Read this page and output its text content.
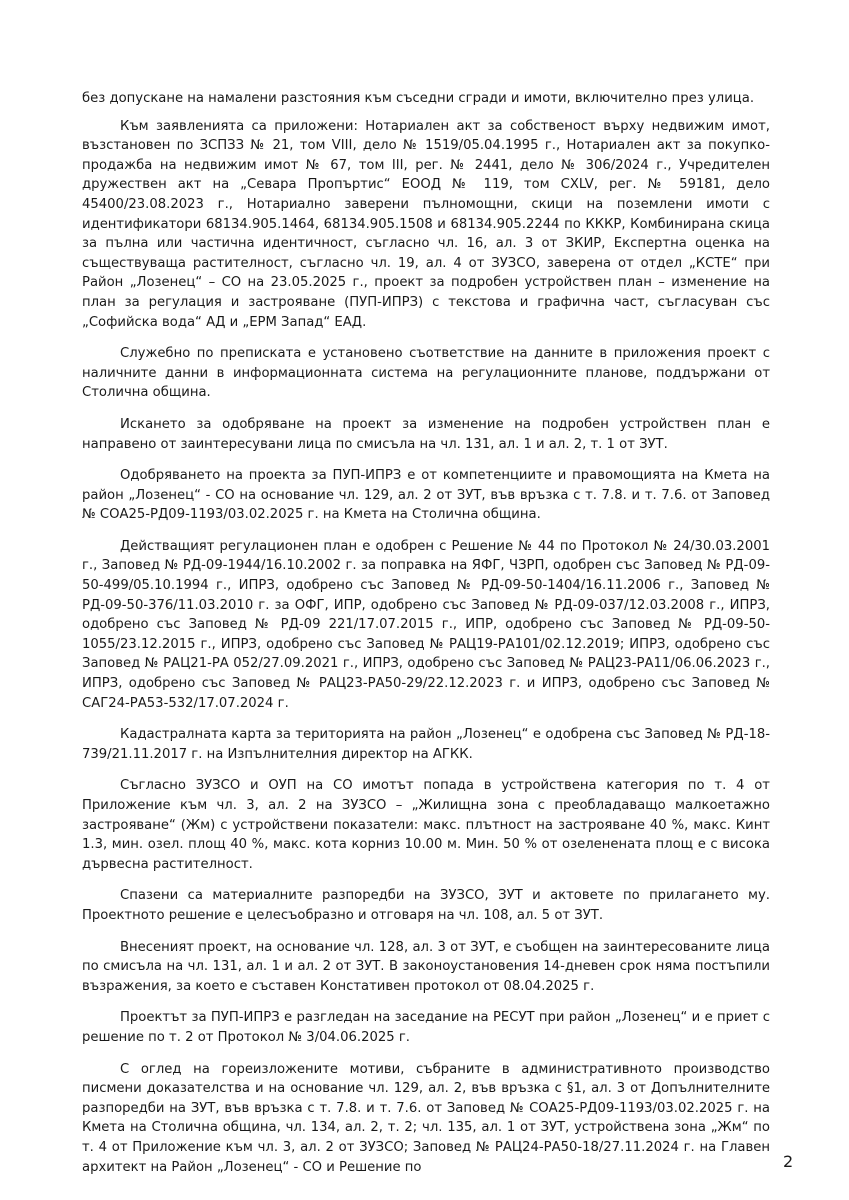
без допускане на намалени разстояния към съседни сгради и имоти, включително през улица.

Към заявленията са приложени: Нотариален акт за собственост върху недвижим имот, възстановен по ЗСПЗЗ № 21, том VIII, дело № 1519/05.04.1995 г., Нотариален акт за покупко-продажба на недвижим имот № 67, том III, рег. № 2441, дело № 306/2024 г., Учредителен дружествен акт на „Севара Пропъртис“ ЕООД № 119, том CXLV, рег. № 59181, дело 45400/23.08.2023 г., Нотариално заверени пълномощни, скици на поземлени имоти с идентификатори 68134.905.1464, 68134.905.1508 и 68134.905.2244 по КККР, Комбинирана скица за пълна или частична идентичност, съгласно чл. 16, ал. 3 от ЗКИР, Експертна оценка на съществуваща растителност, съгласно чл. 19, ал. 4 от ЗУЗСО, заверена от отдел „КСТЕ“ при Район „Лозенец“ – СО на 23.05.2025 г., проект за подробен устройствен план – изменение на план за регулация и застрояване (ПУП-ИПРЗ) с текстова и графична част, съгласуван със „Софийска вода“ АД и „ЕРМ Запад“ ЕАД.

Служебно по преписката е установено съответствие на данните в приложения проект с наличните данни в информационната система на регулационните планове, поддържани от Столична община.

Искането за одобряване на проект за изменение на подробен устройствен план е направено от заинтересувани лица по смисъла на чл. 131, ал. 1 и ал. 2, т. 1 от ЗУТ.

Одобряването на проекта за ПУП-ИПРЗ е от компетенциите и правомощията на Кмета на район „Лозенец“ - СО на основание чл. 129, ал. 2 от ЗУТ, във връзка с т. 7.8. и т. 7.6. от Заповед № СОА25-РД09-1193/03.02.2025 г. на Кмета на Столична община.

Действащият регулационен план е одобрен с Решение № 44 по Протокол № 24/30.03.2001 г., Заповед № РД-09-1944/16.10.2002 г. за поправка на ЯФГ, ЧЗРП, одобрен със Заповед № РД-09-50-499/05.10.1994 г., ИПРЗ, одобрено със Заповед № РД-09-50-1404/16.11.2006 г., Заповед № РД-09-50-376/11.03.2010 г. за ОФГ, ИПР, одобрено със Заповед № РД-09-037/12.03.2008 г., ИПРЗ, одобрено със Заповед № РД-09 221/17.07.2015 г., ИПР, одобрено със Заповед № РД-09-50-1055/23.12.2015 г., ИПРЗ, одобрено със Заповед № РАЦ19-РА101/02.12.2019; ИПРЗ, одобрено със Заповед № РАЦ21-РА 052/27.09.2021 г., ИПРЗ, одобрено със Заповед № РАЦ23-РА11/06.06.2023 г., ИПРЗ, одобрено със Заповед № РАЦ23-РА50-29/22.12.2023 г. и ИПРЗ, одобрено със Заповед № САГ24-РА53-532/17.07.2024 г.

Кадастралната карта за територията на район „Лозенец“ е одобрена със Заповед № РД-18-739/21.11.2017 г. на Изпълнителния директор на АГКК.

Съгласно ЗУЗСО и ОУП на СО имотът попада в устройствена категория по т. 4 от Приложение към чл. 3, ал. 2 на ЗУЗСО – „Жилищна зона с преобладаващо малкоетажно застрояване“ (Жм) с устройствени показатели: макс. плътност на застрояване 40 %, макс. Кинт 1.3, мин. озел. площ 40 %, макс. кота корниз 10.00 м. Мин. 50 % от озеленената площ е с висока дървесна растителност.

Спазени са материалните разпоредби на ЗУЗСО, ЗУТ и актовете по прилагането му. Проектното решение е целесъобразно и отговаря на чл. 108, ал. 5 от ЗУТ.

Внесеният проект, на основание чл. 128, ал. 3 от ЗУТ, е съобщен на заинтересованите лица по смисъла на чл. 131, ал. 1 и ал. 2 от ЗУТ. В законоустановения 14-дневен срок няма постъпили възражения, за което е съставен Констативен протокол от 08.04.2025 г.

Проектът за ПУП-ИПРЗ е разгледан на заседание на РЕСУТ при район „Лозенец“ и е приет с решение по т. 2 от Протокол № 3/04.06.2025 г.

С оглед на гореизложените мотиви, събраните в административното производство писмени доказателства и на основание чл. 129, ал. 2, във връзка с §1, ал. 3 от Допълнителните разпоредби на ЗУТ, във връзка с т. 7.8. и т. 7.6. от Заповед № СОА25-РД09-1193/03.02.2025 г. на Кмета на Столична община, чл. 134, ал. 2, т. 2; чл. 135, ал. 1 от ЗУТ, устройствена зона „Жм“ по т. 4 от Приложение към чл. 3, ал. 2 от ЗУЗСО; Заповед № РАЦ24-РА50-18/27.11.2024 г. на Главен архитект на Район „Лозенец“ - СО и Решение по	2
